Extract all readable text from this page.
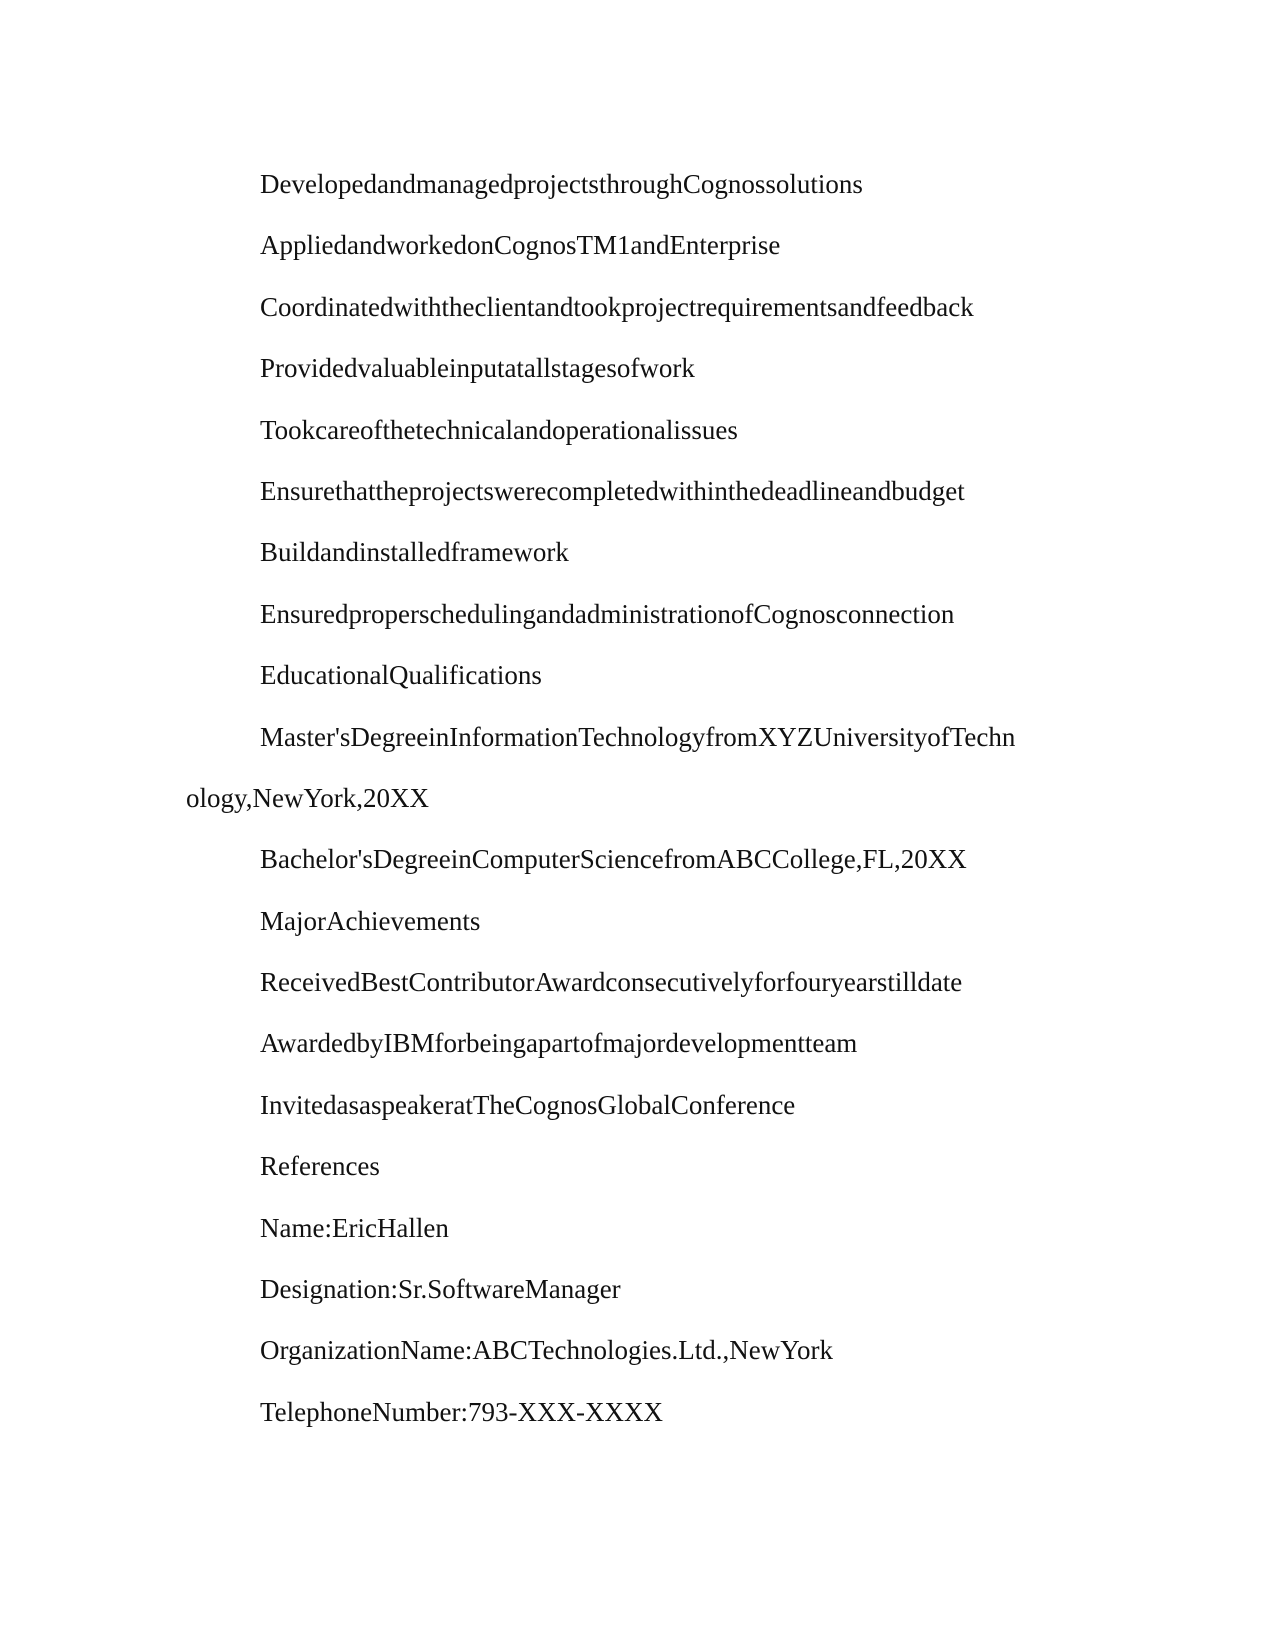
DevelopedandmanagedprojectsthroughCognossolutions
AppliedandworkedonCognosTM1andEnterprise
Coordinatedwiththeclientandtookprojectrequirementsandfeedback
Providedvaluableinputatallstagesofwork
Tookcareofthetechnicalandoperationalissues
Ensurethattheprojectswerecompletedwithinthedeadlineandbudget
Buildandinstalledframework
EnsuredproperschedulingandadministrationofCognosconnection
EducationalQualifications
Master'sDegreeinInformationTechnologyfromXYZUniversityofTechn
ology,NewYork,20XX
Bachelor'sDegreeinComputerSciencefromABCCollege,FL,20XX
MajorAchievements
ReceivedBestContributorAwardconsecutivelyforfouryearstilldate
AwardedbyIBMforbeingapartofmajordevelopmentteam
InvitedasaspeakeratTheCognosGlobalConference
References
Name:EricHallen
Designation:Sr.SoftwareManager
OrganizationName:ABCTechnologies.Ltd.,NewYork
TelephoneNumber:793-XXX-XXXX
